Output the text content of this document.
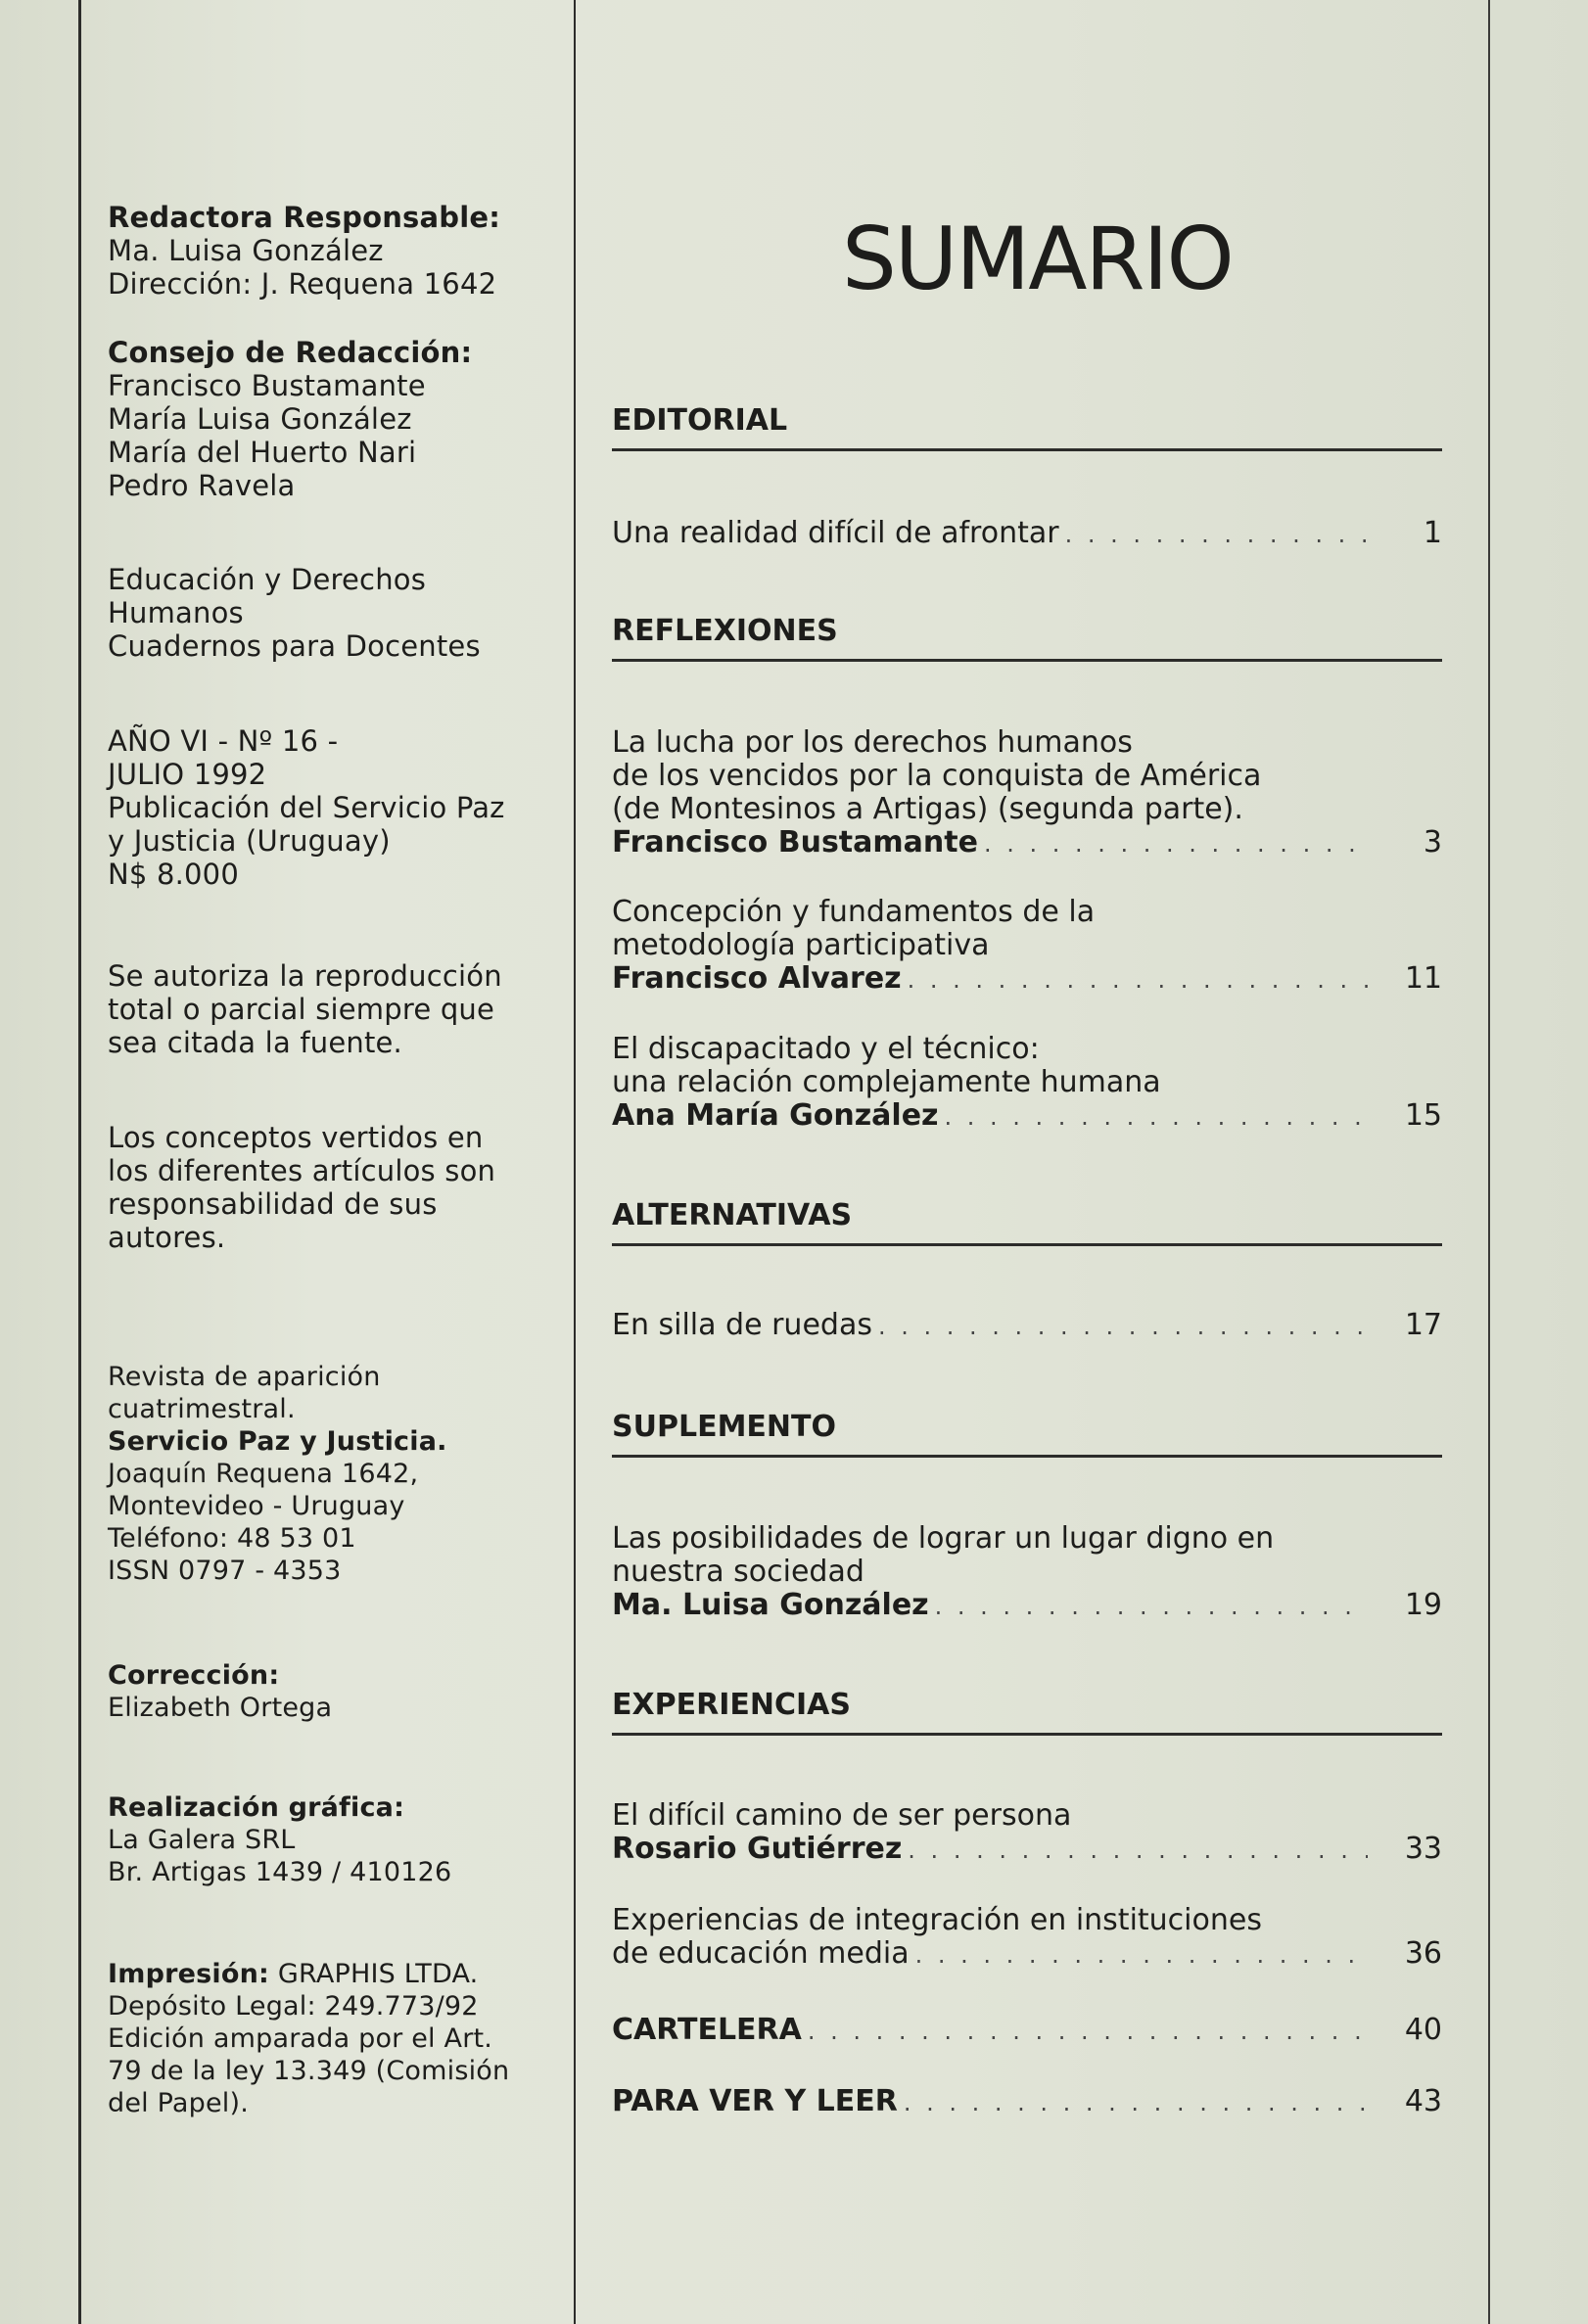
Redactora Responsable:
Ma. Luisa González
Dirección: J. Requena 1642
Consejo de Redacción:
Francisco Bustamante
María Luisa González
María del Huerto Nari
Pedro Ravela
Educación y Derechos
Humanos
Cuadernos para Docentes
AÑO VI - Nº 16 -
JULIO 1992
Publicación del Servicio Paz
y Justicia (Uruguay)
N$ 8.000
Se autoriza la reproducción
total o parcial siempre que
sea citada la fuente.
Los conceptos vertidos en
los diferentes artículos son
responsabilidad de sus
autores.
Revista de aparición
cuatrimestral.
Servicio Paz y Justicia.
Joaquín Requena 1642,
Montevideo - Uruguay
Teléfono: 48 53 01
ISSN 0797 - 4353
Corrección:
Elizabeth Ortega
Realización gráfica:
La Galera SRL
Br. Artigas 1439 / 410126
Impresión: GRAPHIS LTDA.
Depósito Legal: 249.773/92
Edición amparada por el Art.
79 de la ley 13.349 (Comisión
del Papel).
SUMARIO
EDITORIAL
Una realidad difícil de afrontar . . .	1
REFLEXIONES
La lucha por los derechos humanos
de los vencidos por la conquista de América
(de Montesinos a Artigas) (segunda parte).
Francisco Bustamante . . .	3
Concepción y fundamentos de la
metodología participativa
Francisco Alvarez . . .	11
El discapacitado y el técnico:
una relación complejamente humana
Ana María González . . .	15
ALTERNATIVAS
En silla de ruedas . . .	17
SUPLEMENTO
Las posibilidades de lograr un lugar digno en
nuestra sociedad
Ma. Luisa González . . .	19
EXPERIENCIAS
El difícil camino de ser persona
Rosario Gutiérrez . . .	33
Experiencias de integración en instituciones
de educación media . . .	36
CARTELERA . . .	40
PARA VER Y LEER . . .	43
